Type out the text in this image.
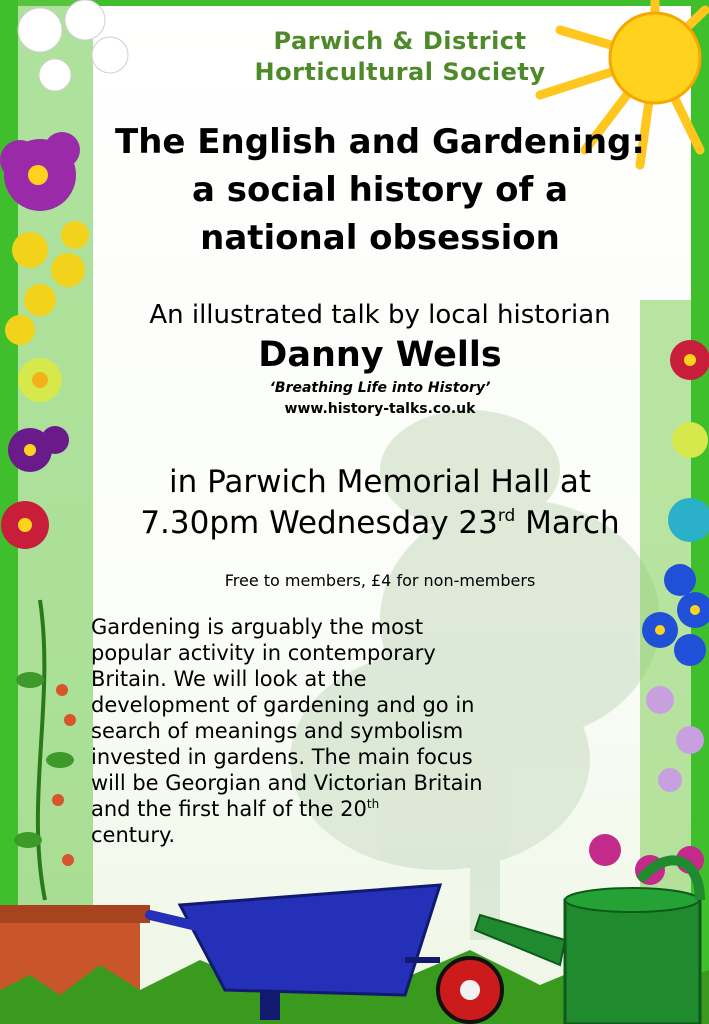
Parwich & District
Horticultural Society
The English and Gardening:
a social history of a
national obsession
An illustrated talk by local historian
Danny Wells
‘Breathing Life into History’
www.history-talks.co.uk
in Parwich Memorial Hall at
7.30pm Wednesday 23rd March
Free to members, £4 for non-members
Gardening is arguably the most
popular activity in contemporary
Britain. We will look at the
development of gardening and go in
search of meanings and symbolism
invested in gardens. The main focus
will be Georgian and Victorian Britain
and the first half of the 20th
century.
